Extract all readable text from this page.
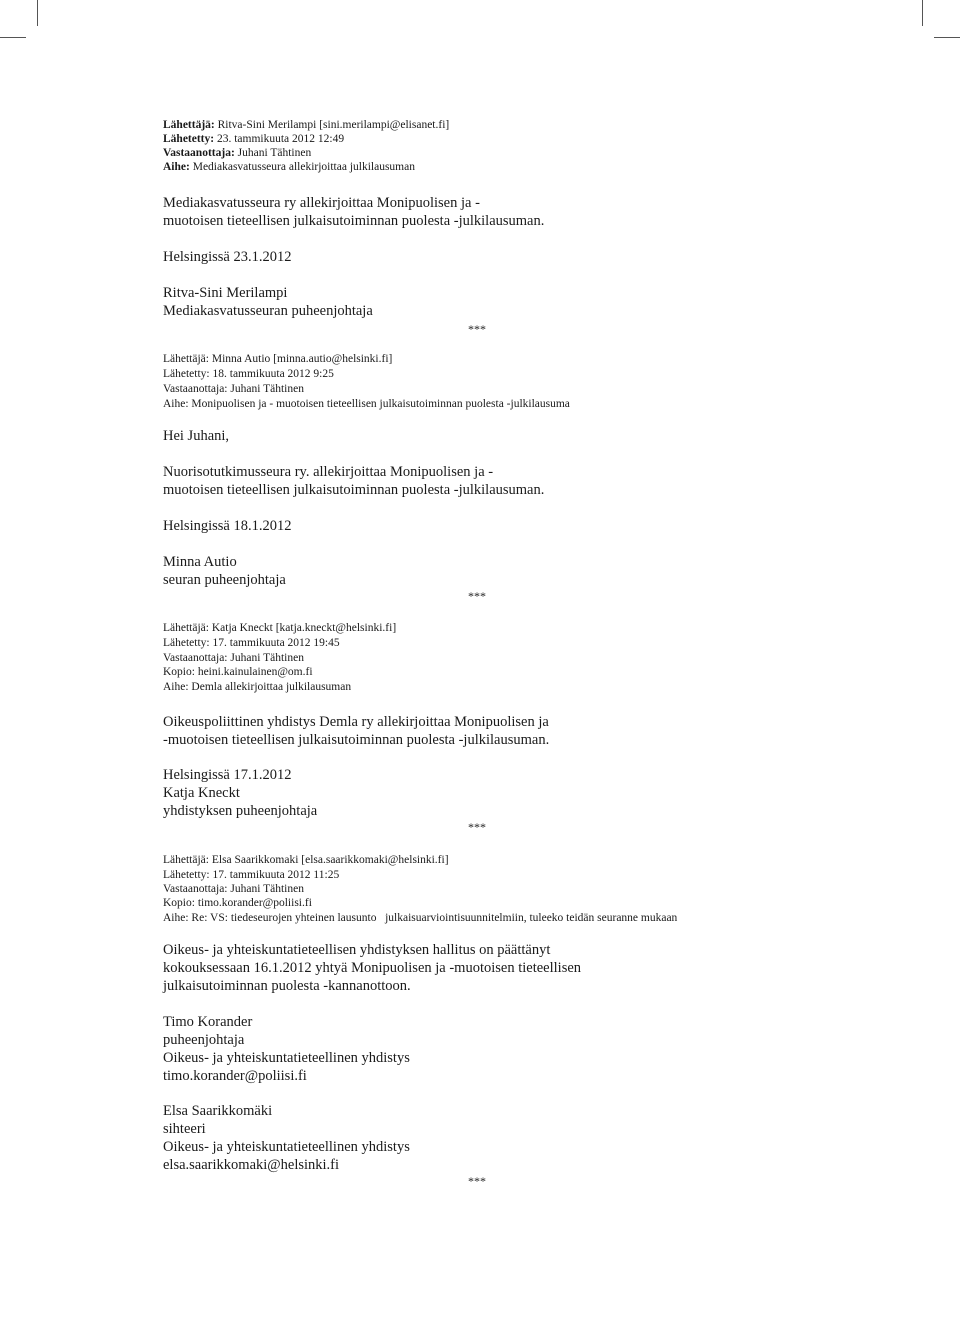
Lähettäjä: Ritva-Sini Merilampi [sini.merilampi@elisanet.fi]
Lähetetty: 23. tammikuuta 2012 12:49
Vastaanottaja: Juhani Tähtinen
Aihe: Mediakasvatusseura allekirjoittaa julkilausuman
Mediakasvatusseura ry allekirjoittaa Monipuolisen ja -
muotoisen tieteellisen julkaisutoiminnan puolesta -julkilausuman.
Helsingissä 23.1.2012
Ritva-Sini Merilampi
Mediakasvatusseuran puheenjohtaja
***
Lähettäjä: Minna Autio [minna.autio@helsinki.fi]
Lähetetty: 18. tammikuuta 2012 9:25
Vastaanottaja: Juhani Tähtinen
Aihe: Monipuolisen ja - muotoisen tieteellisen julkaisutoiminnan puolesta -julkilausuma
Hei Juhani,
Nuorisotutkimusseura ry. allekirjoittaa Monipuolisen ja -
muotoisen tieteellisen julkaisutoiminnan puolesta -julkilausuman.
Helsingissä 18.1.2012
Minna Autio
seuran puheenjohtaja
***
Lähettäjä: Katja Kneckt [katja.kneckt@helsinki.fi]
Lähetetty: 17. tammikuuta 2012 19:45
Vastaanottaja: Juhani Tähtinen
Kopio: heini.kainulainen@om.fi
Aihe: Demla allekirjoittaa julkilausuman
Oikeuspoliittinen yhdistys Demla ry allekirjoittaa Monipuolisen ja
-muotoisen tieteellisen julkaisutoiminnan puolesta -julkilausuman.
Helsingissä 17.1.2012
Katja Kneckt
yhdistyksen puheenjohtaja
***
Lähettäjä: Elsa Saarikkomaki [elsa.saarikkomaki@helsinki.fi]
Lähetetty: 17. tammikuuta 2012 11:25
Vastaanottaja: Juhani Tähtinen
Kopio: timo.korander@poliisi.fi
Aihe: Re: VS: tiedeseurojen yhteinen lausunto   julkaisuarviointisuunnitelmiin, tuleeko teidän seuranne mukaan
Oikeus- ja yhteiskuntatieteellisen yhdistyksen hallitus on päättänyt
kokouksessaan 16.1.2012 yhtyä Monipuolisen ja -muotoisen tieteellisen
julkaisutoiminnan puolesta -kannanottoon.
Timo Korander
puheenjohtaja
Oikeus- ja yhteiskuntatieteellinen yhdistys
timo.korander@poliisi.fi
Elsa Saarikkomäki
sihteeri
Oikeus- ja yhteiskuntatieteellinen yhdistys
elsa.saarikkomaki@helsinki.fi
***
